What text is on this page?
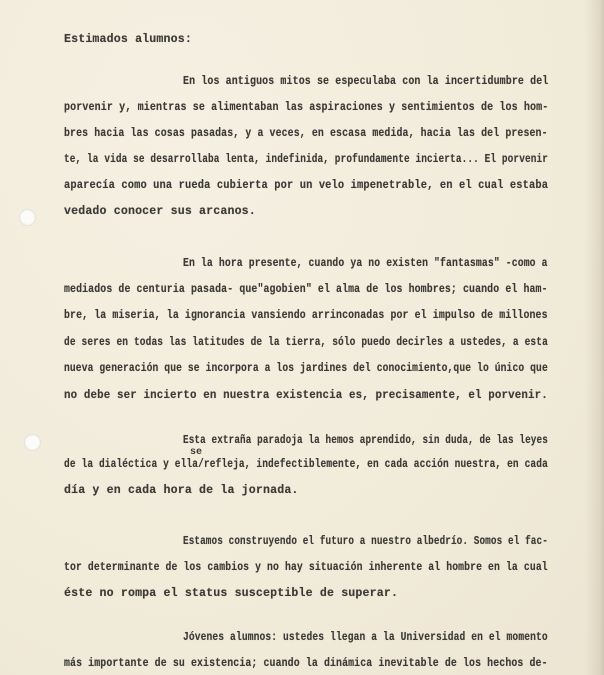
Estimados alumnos:
En los antiguos mitos se especulaba con la incertidumbre del
porvenir y, mientras se alimentaban las aspiraciones y sentimientos de los hom-
bres hacia las cosas pasadas, y a veces, en escasa medida, hacia las del presen-
te, la vida se desarrollaba lenta, indefinida, profundamente incierta... El porvenir
aparecía como una rueda cubierta por un velo impenetrable, en el cual estaba
vedado conocer sus arcanos.
En la hora presente, cuando ya no existen "fantasmas" -como a
mediados de centuria pasada- que"agobien" el alma de los hombres; cuando el ham-
bre, la miseria, la ignorancia vansiendo arrinconadas por el impulso de millones
de seres en todas las latitudes de la tierra, sólo puedo decirles a ustedes, a esta
nueva generación que se incorpora a los jardines del conocimiento,que lo único que
no debe ser incierto en nuestra existencia es, precisamente, el porvenir.
Esta extraña paradoja la hemos aprendido, sin duda, de las leyes
se
de la dialéctica y ella/refleja, indefectiblemente, en cada acción nuestra, en cada
día y en cada hora de la jornada.
Estamos construyendo el futuro a nuestro albedrío. Somos el fac-
tor determinante de los cambios y no hay situación inherente al hombre en la cual
éste no rompa el status susceptible de superar.
Jóvenes alumnos: ustedes llegan a la Universidad en el momento
más importante de su existencia; cuando la dinámica inevitable de los hechos de-
